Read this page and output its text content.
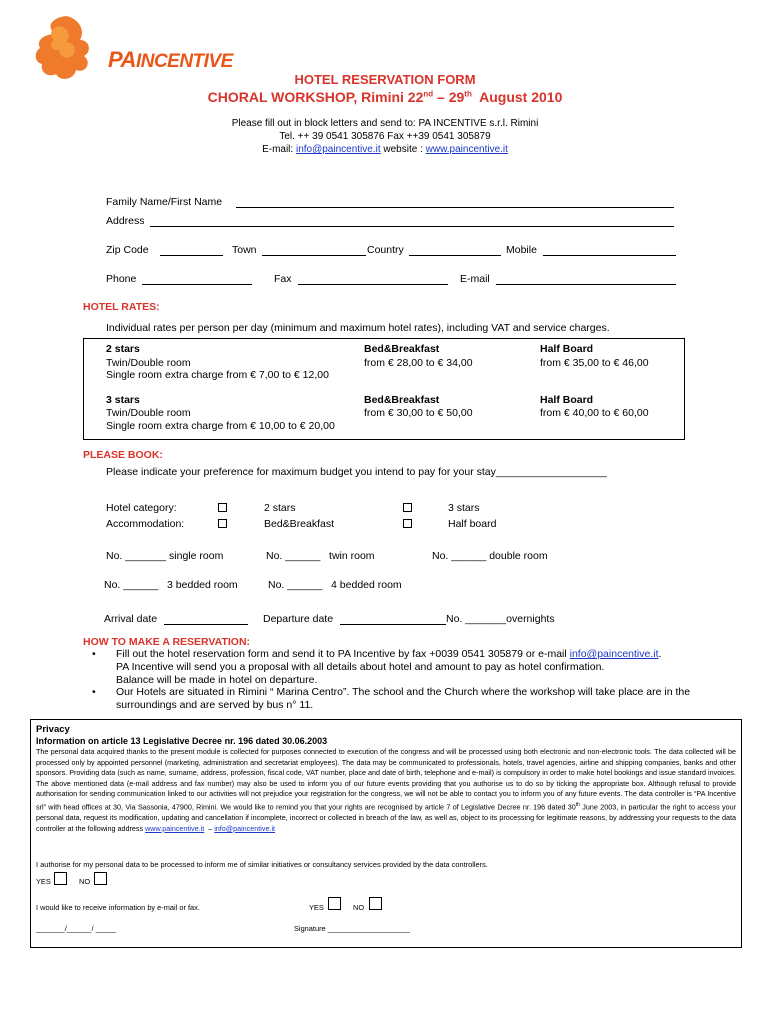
PAINCENTIVE
HOTEL RESERVATION FORM
CHORAL WORKSHOP, Rimini 22nd – 29th  August 2010
Please fill out in block letters and send to: PA INCENTIVE s.r.l. Rimini
Tel. ++ 39 0541 305876 Fax ++39 0541 305879
E-mail: info@paincentive.it website : www.paincentive.it
Family Name/First Name
Address
Zip Code	Town	Country	Mobile
Phone	Fax	E-mail
HOTEL RATES:
Individual rates per person per day (minimum and maximum hotel rates), including VAT and service charges.
2 stars	Bed&Breakfast	Half Board
Twin/Double room	from € 28,00 to € 34,00	from € 35,00 to € 46,00
Single room extra charge from € 7,00 to € 12,00
3 stars	Bed&Breakfast	Half Board
Twin/Double room	from € 30,00 to € 50,00	from € 40,00 to € 60,00
Single room extra charge from € 10,00 to € 20,00
PLEASE BOOK:
Please indicate your preference for maximum budget you intend to pay for your stay___________________
Hotel category:	2 stars	3 stars
Accommodation:	Bed&Breakfast	Half board
No. _______ single room	No. ______   twin room	No. ______ double room
No. ______   3 bedded room	No. ______   4 bedded room
Arrival date	Departure date	No. _______overnights
HOW TO MAKE A RESERVATION:
• Fill out the hotel reservation form and send it to PA Incentive by fax +0039 0541 305879 or e-mail info@paincentive.it.
PA Incentive will send you a proposal with all details about hotel and amount to pay as hotel confirmation.
Balance will be made in hotel on departure.
• Our Hotels are situated in Rimini “ Marina Centro”. The school and the Church where the workshop will take place are in the surroundings and are served by bus n° 11.
Privacy
Information on article 13 Legislative Decree nr. 196 dated 30.06.2003
The personal data acquired thanks to the present module is collected for purposes connected to execution of the congress and will be processed using both electronic and non-electronic tools. The data collected will be processed only by appointed personnel (marketing, administration and secretariat employees). The data may be communicated to professionals, hotels, travel agencies, airline and shipping companies, banks and other sponsors. Providing data (such as name, surname, address, profession, fiscal code, VAT number, place and date of birth, telephone and e-mail) is compulsory in order to make hotel bookings and issue standard invoices. The above mentioned data (e-mail address and fax number) may also be used to inform you of our future events providing that you authorise us to do so by ticking the appropriate box. Although refusal to provide authorisation for sending communication linked to our activities will not prejudice your registration for the congress, we will not be able to contact you to inform you of any future events. The data controller is “PA Incentive srl” with head offices at 30, Via Sassonia, 47900, Rimini. We would like to remind you that your rights are recognised by article 7 of Legislative Decree nr. 196 dated 30th June 2003, in particular the right to access your personal data, request its modification, updating and cancellation if incomplete, incorrect or collected in breach of the law, as well as, object to its processing for legitimate reasons, by addressing your requests to the data controller at the following address www.paincentive.it  – info@paincentive.it
I authorise for my personal data to be processed to inform me of similar initiatives or consultancy services provided by the data controllers.
YES	NO
I would like to receive information by e-mail or fax.	YES	NO
_______/______/ _____	Signature ____________________
